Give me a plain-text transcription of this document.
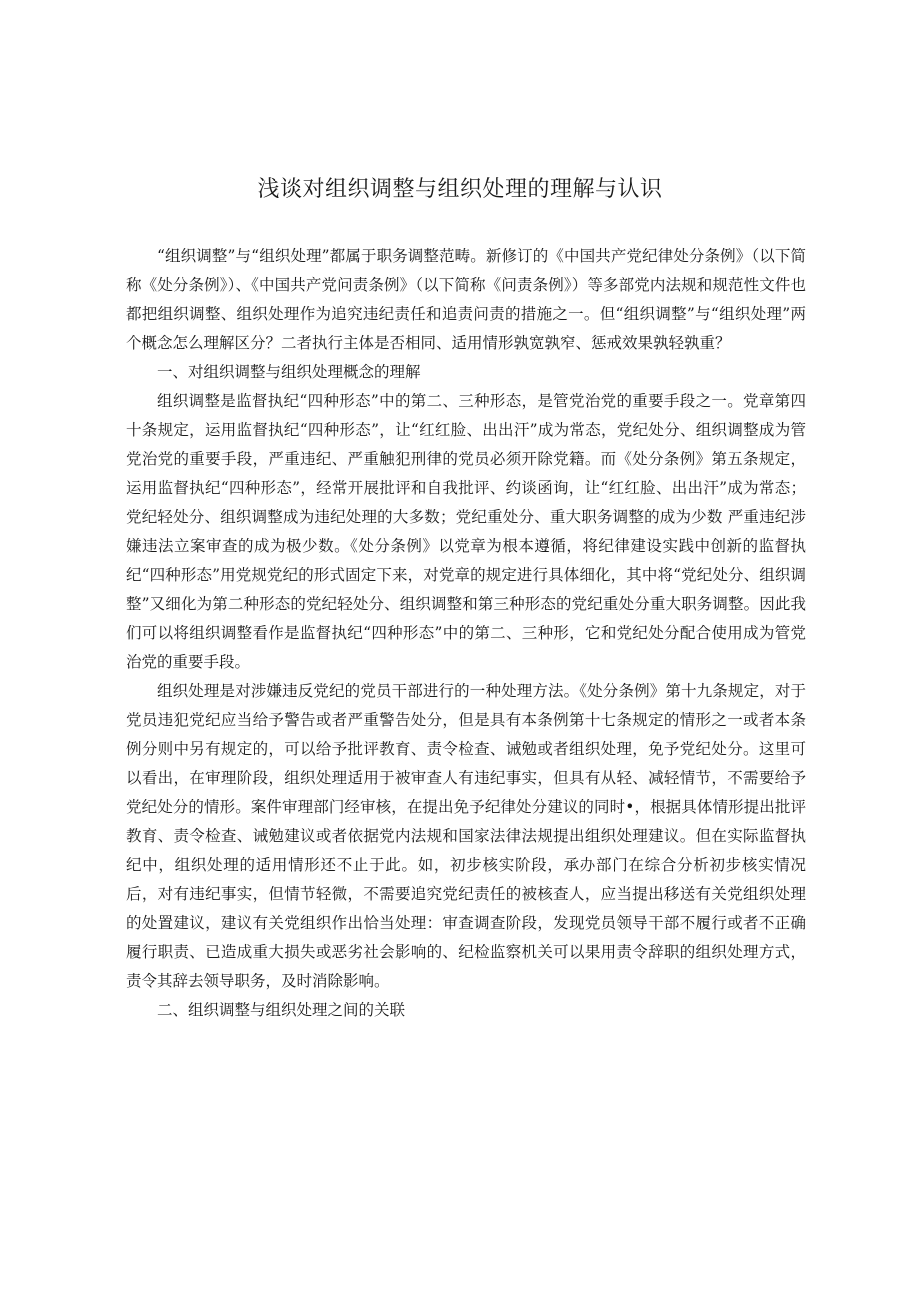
浅谈对组织调整与组织处理的理解与认识

“组织调整”与“组织处理”都属于职务调整范畴。新修订的《中国共产党纪律处分条例》（以下简称《处分条例》）、《中国共产党问责条例》（以下简称《问责条例》）等多部党内法规和规范性文件也都把组织调整、组织处理作为追究违纪责任和追责问责的措施之一。但“组织调整”与“组织处理”两个概念怎么理解区分？二者执行主体是否相同、适用情形孰宽孰窄、惩戒效果孰轻孰重？

一、对组织调整与组织处理概念的理解

组织调整是监督执纪“四种形态”中的第二、三种形态，是管党治党的重要手段之一。党章第四十条规定，运用监督执纪“四种形态”，让“红红脸、出出汗”成为常态，党纪处分、组织调整成为管党治党的重要手段，严重违纪、严重触犯刑律的党员必须开除党籍。而《处分条例》第五条规定，运用监督执纪“四种形态”，经常开展批评和自我批评、约谈函询，让“红红脸、出出汗”成为常态；党纪轻处分、组织调整成为违纪处理的大多数；党纪重处分、重大职务调整的成为少数 严重违纪涉嫌违法立案审查的成为极少数。《处分条例》以党章为根本遵循，将纪律建设实践中创新的监督执纪“四种形态”用党规党纪的形式固定下来，对党章的规定进行具体细化，其中将“党纪处分、组织调整”又细化为第二种形态的党纪轻处分、组织调整和第三种形态的党纪重处分重大职务调整。因此我们可以将组织调整看作是监督执纪“四种形态”中的第二、三种形，它和党纪处分配合使用成为管党治党的重要手段。

组织处理是对涉嫌违反党纪的党员干部进行的一种处理方法。《处分条例》第十九条规定，对于党员违犯党纪应当给予警告或者严重警告处分，但是具有本条例第十七条规定的情形之一或者本条例分则中另有规定的，可以给予批评教育、责令检查、诫勉或者组织处理，免予党纪处分。这里可以看出，在审理阶段，组织处理适用于被审查人有违纪事实，但具有从轻、减轻情节，不需要给予党纪处分的情形。案件审理部门经审核，在提出免予纪律处分建议的同时•，根据具体情形提出批评教育、责令检查、诫勉建议或者依据党内法规和国家法律法规提出组织处理建议。但在实际监督执纪中，组织处理的适用情形还不止于此。如，初步核实阶段，承办部门在综合分析初步核实情况后，对有违纪事实，但情节轻微，不需要追究党纪责任的被核查人，应当提出移送有关党组织处理的处置建议，建议有关党组织作出恰当处理：审查调查阶段，发现党员领导干部不履行或者不正确履行职责、已造成重大损失或恶劣社会影响的、纪检监察机关可以果用责令辞职的组织处理方式，责令其辞去领导职务，及时消除影响。

二、组织调整与组织处理之间的关联
